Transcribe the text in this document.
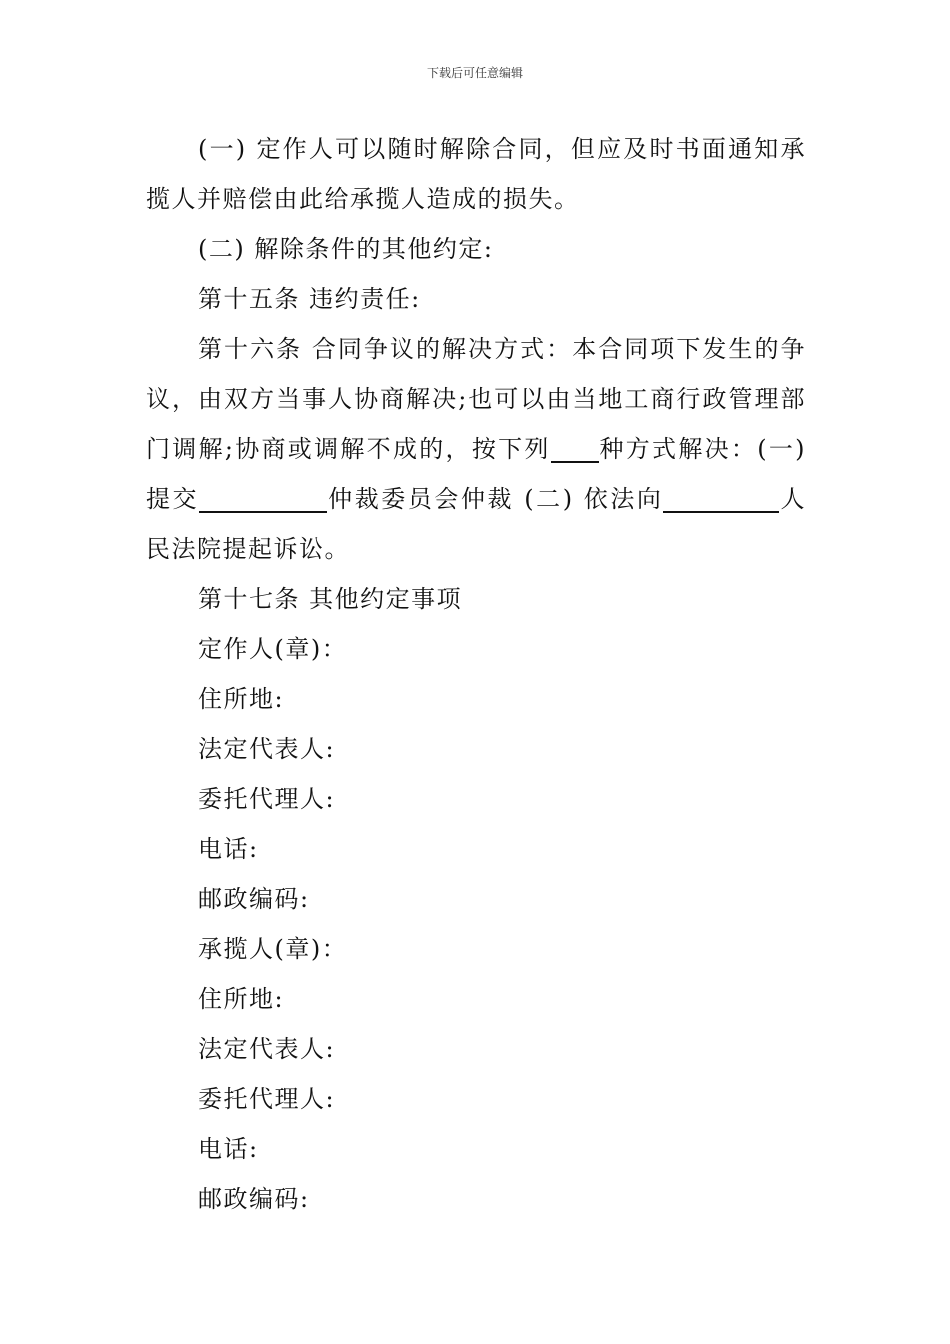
下载后可任意编辑

(一) 定作人可以随时解除合同，但应及时书面通知承揽人并赔偿由此给承揽人造成的损失。

(二) 解除条件的其他约定:

第十五条 违约责任:

第十六条 合同争议的解决方式：本合同项下发生的争议，由双方当事人协商解决;也可以由当地工商行政管理部门调解;协商或调解不成的，按下列 种方式解决：(一)提交	仲裁委员会仲裁 (二) 依法向	人民法院提起诉讼。

第十七条 其他约定事项

定作人(章)：

住所地:

法定代表人:

委托代理人:

电话:

邮政编码:

承揽人(章)：

住所地:

法定代表人:

委托代理人:

电话:

邮政编码:
